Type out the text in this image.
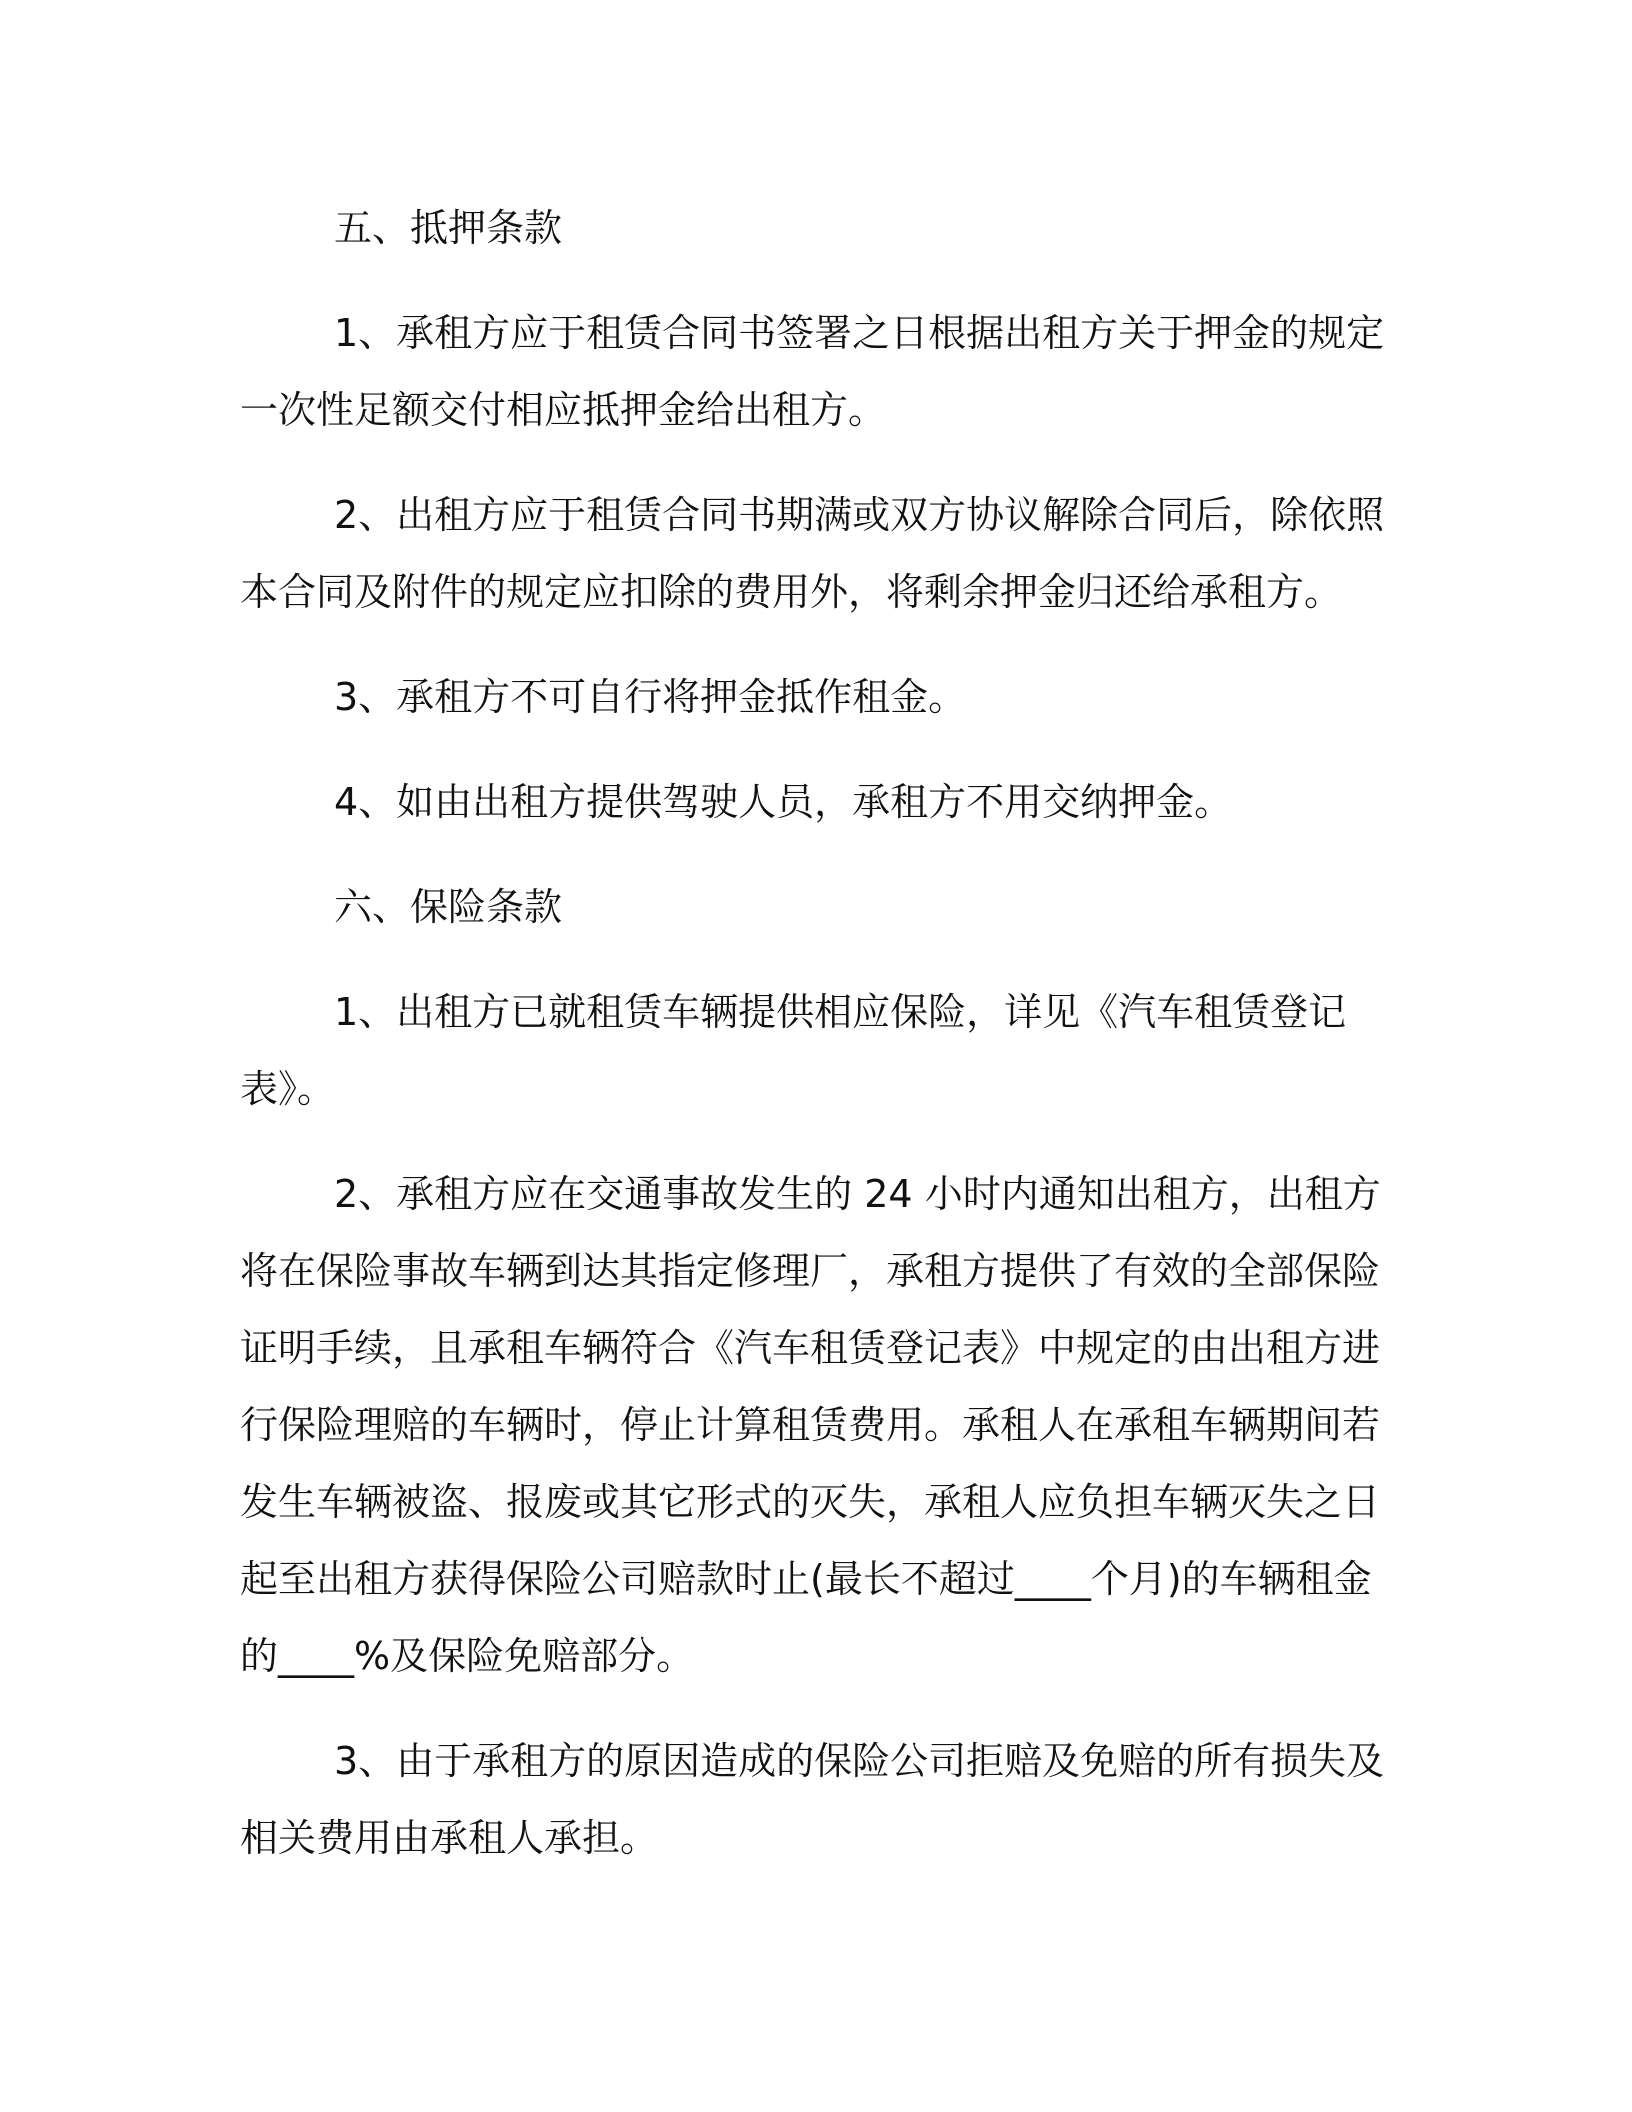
五、抵押条款

1、承租方应于租赁合同书签署之日根据出租方关于押金的规定一次性足额交付相应抵押金给出租方。

2、出租方应于租赁合同书期满或双方协议解除合同后，除依照本合同及附件的规定应扣除的费用外，将剩余押金归还给承租方。

3、承租方不可自行将押金抵作租金。

4、如由出租方提供驾驶人员，承租方不用交纳押金。

六、保险条款

1、出租方已就租赁车辆提供相应保险，详见《汽车租赁登记表》。

2、承租方应在交通事故发生的 24 小时内通知出租方，出租方将在保险事故车辆到达其指定修理厂，承租方提供了有效的全部保险证明手续，且承租车辆符合《汽车租赁登记表》中规定的由出租方进行保险理赔的车辆时，停止计算租赁费用。承租人在承租车辆期间若发生车辆被盗、报废或其它形式的灭失，承租人应负担车辆灭失之日起至出租方获得保险公司赔款时止(最长不超过____个月)的车辆租金的____%及保险免赔部分。

3、由于承租方的原因造成的保险公司拒赔及免赔的所有损失及相关费用由承租人承担。
